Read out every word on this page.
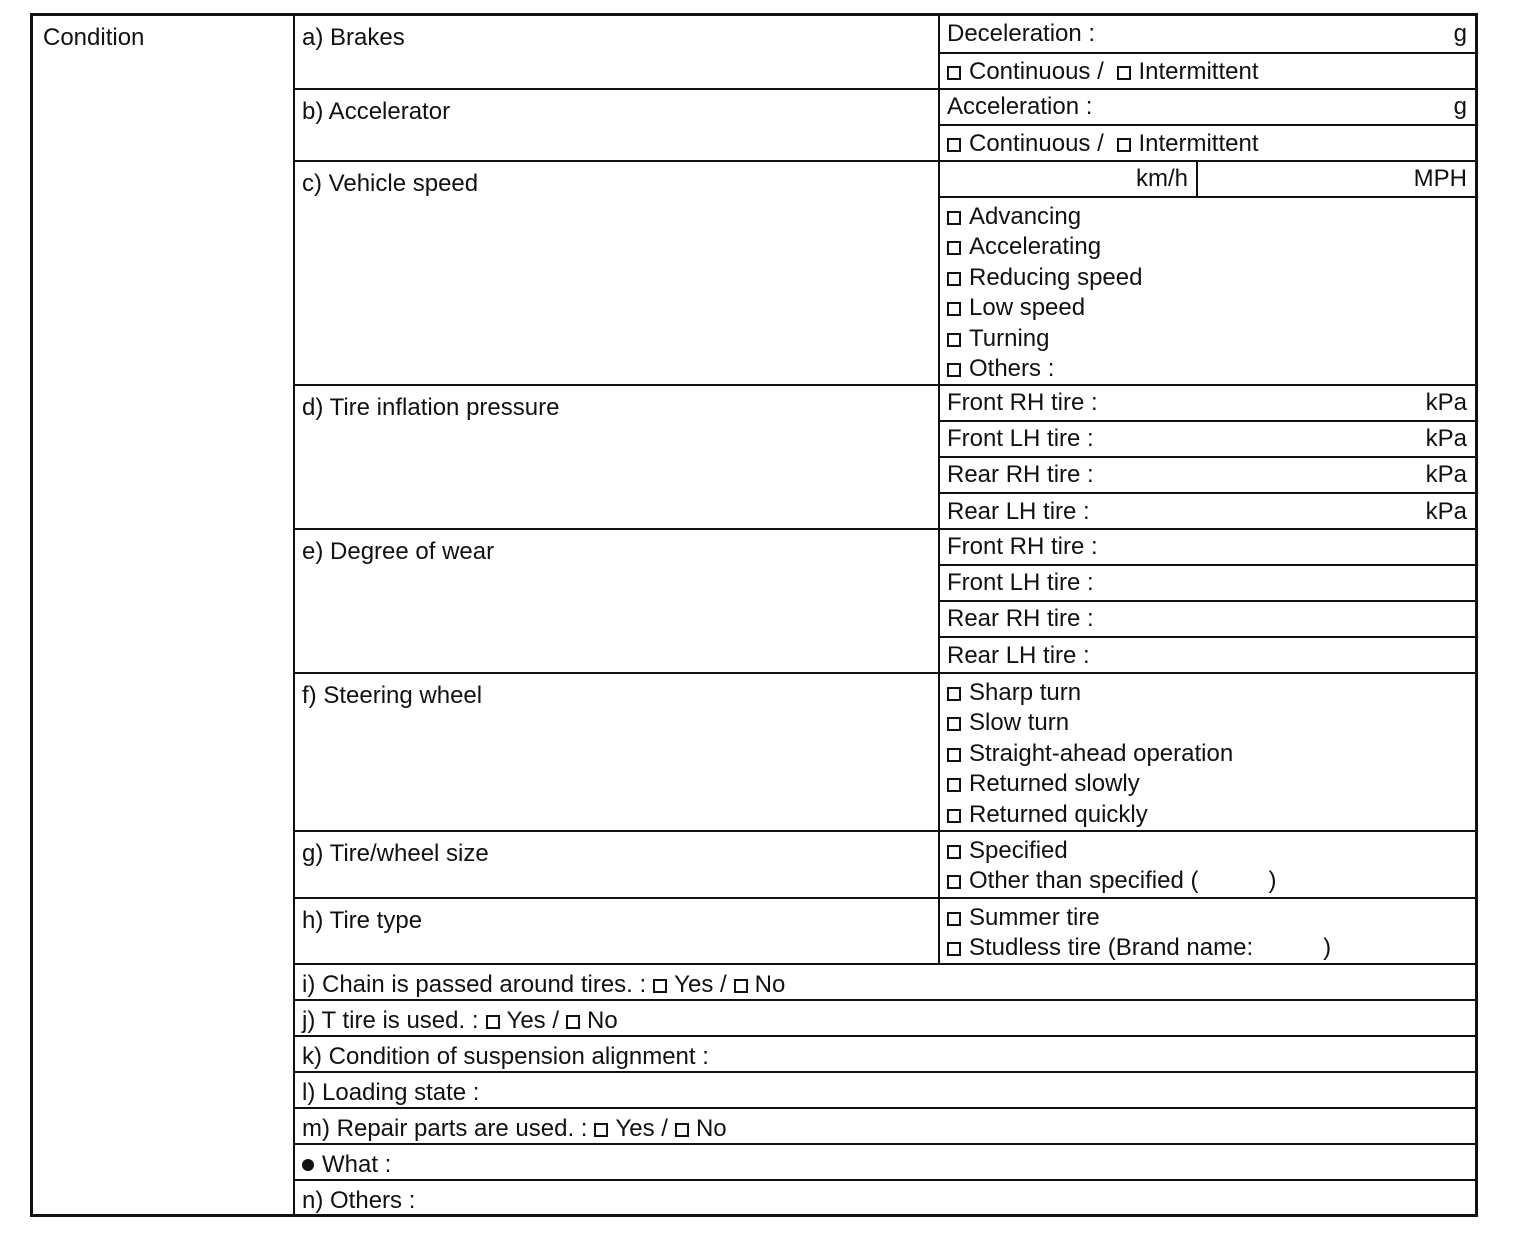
Condition	a) Brakes	Deceleration :	g
Continuous / Intermittent
b) Accelerator	Acceleration :	g
Continuous / Intermittent
c) Vehicle speed	km/h	MPH
Advancing
Accelerating
Reducing speed
Low speed
Turning
Others :
d) Tire inflation pressure	Front RH tire :	kPa
Front LH tire :	kPa
Rear RH tire :	kPa
Rear LH tire :	kPa
e) Degree of wear	Front RH tire :
Front LH tire :
Rear RH tire :
Rear LH tire :
f) Steering wheel	Sharp turn
Slow turn
Straight-ahead operation
Returned slowly
Returned quickly
g) Tire/wheel size	Specified
Other than specified (	)
h) Tire type	Summer tire
Studless tire (Brand name:	)
i) Chain is passed around tires. : Yes / No
j) T tire is used. : Yes / No
k) Condition of suspension alignment :
l) Loading state :
m) Repair parts are used. : Yes / No
What :
n) Others :
